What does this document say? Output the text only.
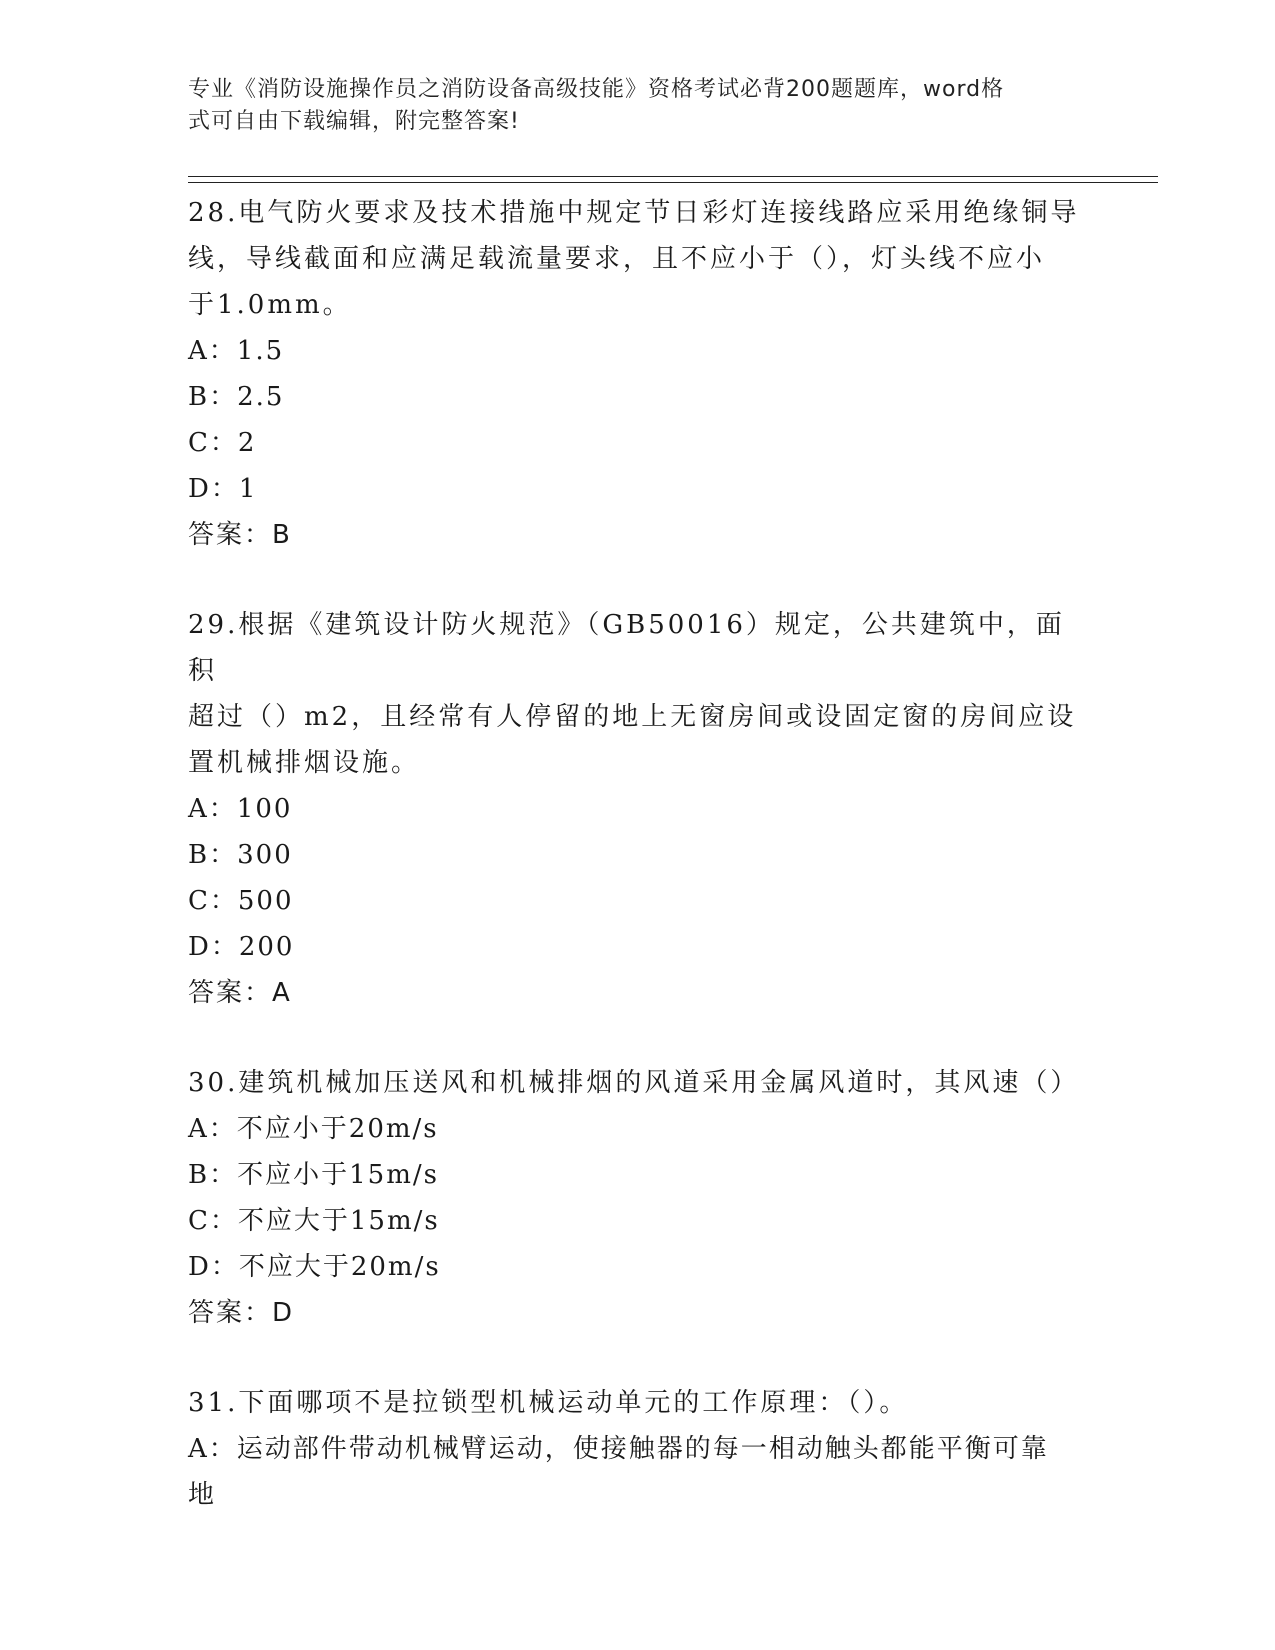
专业《消防设施操作员之消防设备高级技能》资格考试必背200题题库，word格
式可自由下载编辑，附完整答案!

28.电气防火要求及技术措施中规定节日彩灯连接线路应采用绝缘铜导

线，导线截面和应满足载流量要求，且不应小于（），灯头线不应小

于1.0mm。

A：1.5

B：2.5

C：2

D：1

答案：B

29.根据《建筑设计防火规范》（GB50016）规定，公共建筑中，面积

超过（）m2，且经常有人停留的地上无窗房间或设固定窗的房间应设

置机械排烟设施。

A：100

B：300

C：500

D：200

答案：A

30.建筑机械加压送风和机械排烟的风道采用金属风道时，其风速（）

A：不应小于20m/s

B：不应小于15m/s

C：不应大于15m/s

D：不应大于20m/s

答案：D

31.下面哪项不是拉锁型机械运动单元的工作原理：（）。

A：运动部件带动机械臂运动，使接触器的每一相动触头都能平衡可靠

地
